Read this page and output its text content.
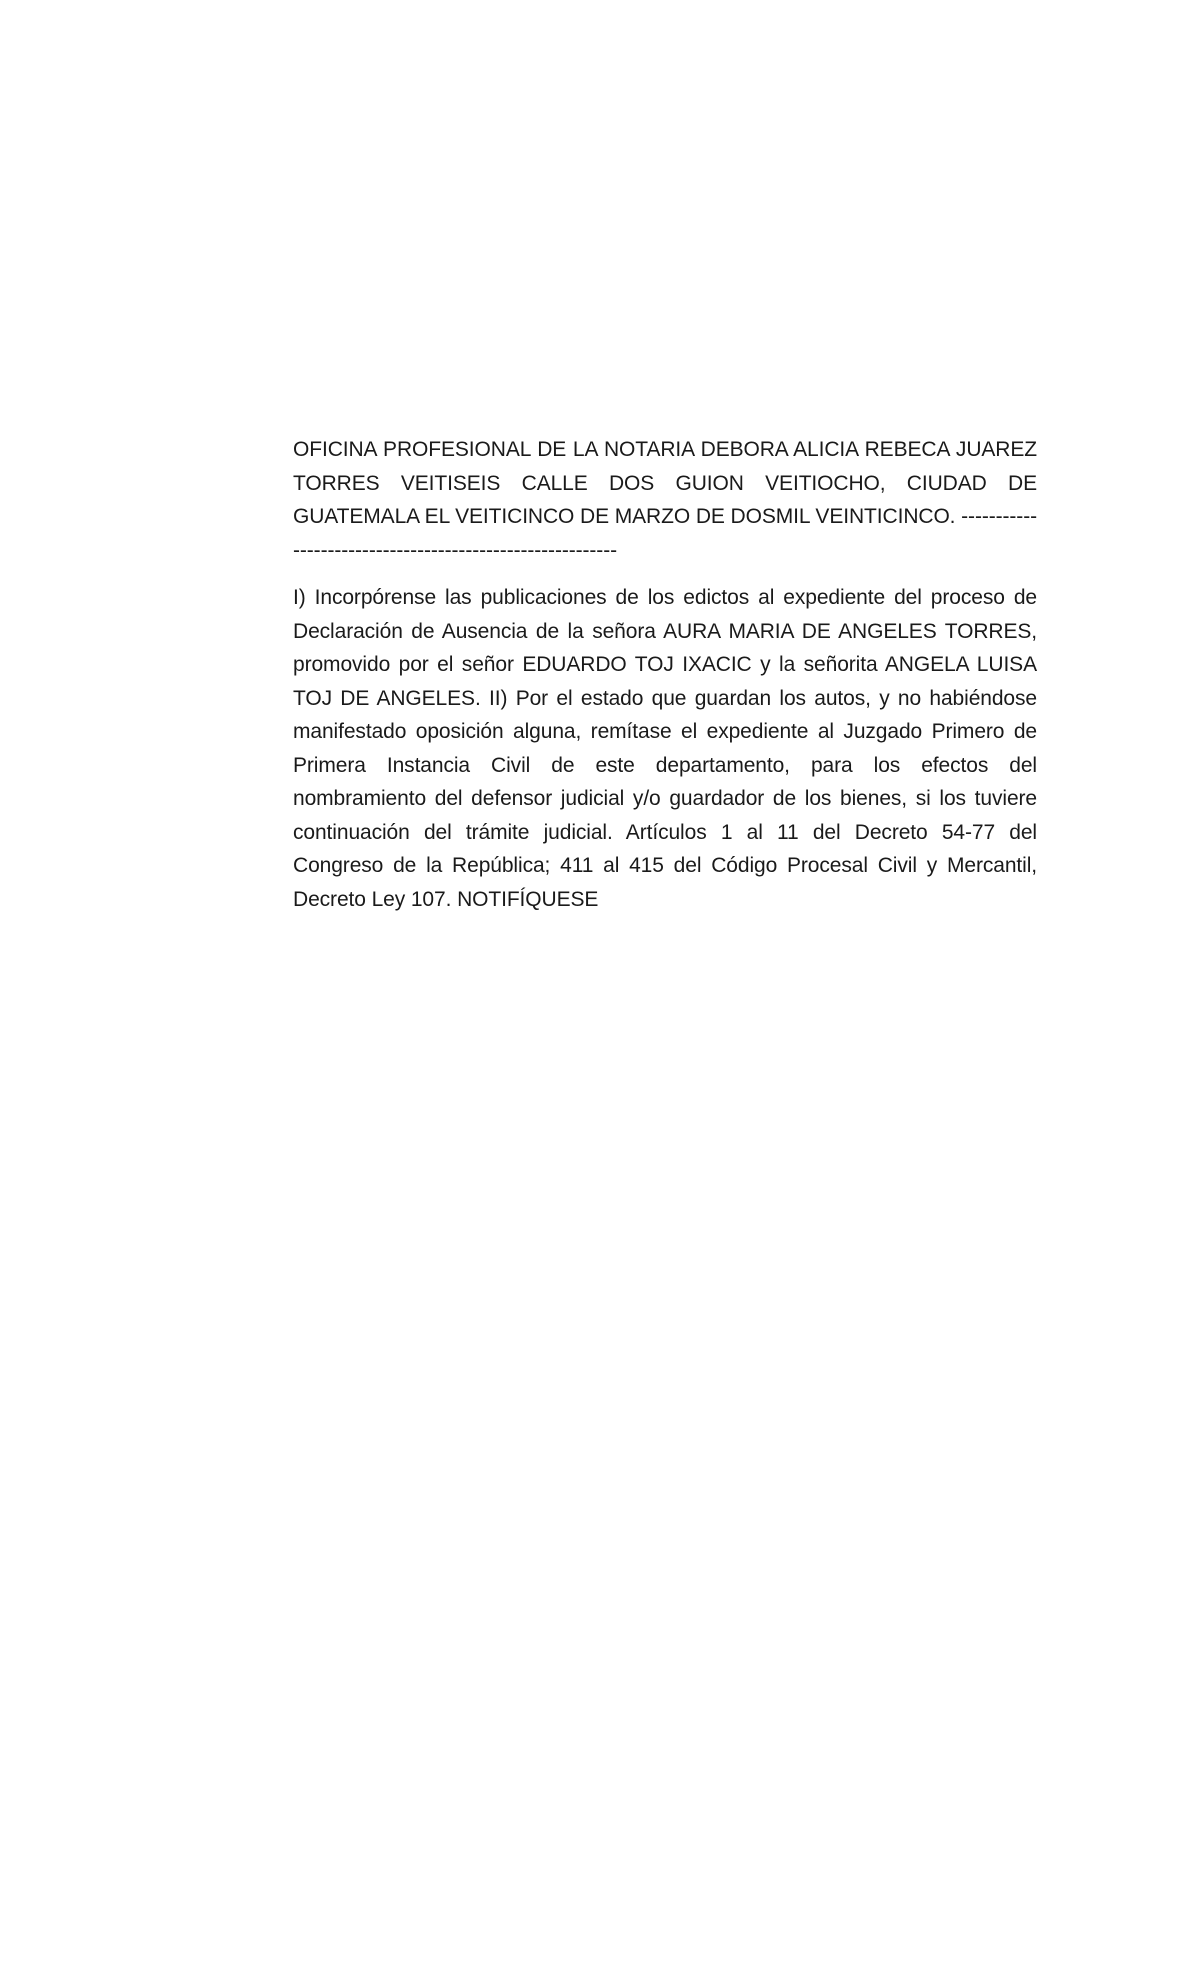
OFICINA PROFESIONAL DE LA NOTARIA DEBORA ALICIA REBECA JUAREZ TORRES VEITISEIS CALLE DOS GUION VEITIOCHO, CIUDAD DE GUATEMALA EL VEITICINCO DE MARZO DE DOSMIL VEINTICINCO. ----------------------------------------------------------

I) Incorpórense las publicaciones de los edictos al expediente del proceso de Declaración de Ausencia de la señora AURA MARIA DE ANGELES TORRES, promovido por el señor EDUARDO TOJ IXACIC y la señorita ANGELA LUISA TOJ DE ANGELES. II) Por el estado que guardan los autos, y no habiéndose manifestado oposición alguna, remítase el expediente al Juzgado Primero de Primera Instancia Civil de este departamento, para los efectos del nombramiento del defensor judicial y/o guardador de los bienes, si los tuviere continuación del trámite judicial. Artículos 1 al 11 del Decreto 54-77 del Congreso de la República; 411 al 415 del Código Procesal Civil y Mercantil, Decreto Ley 107. NOTIFÍQUESE
